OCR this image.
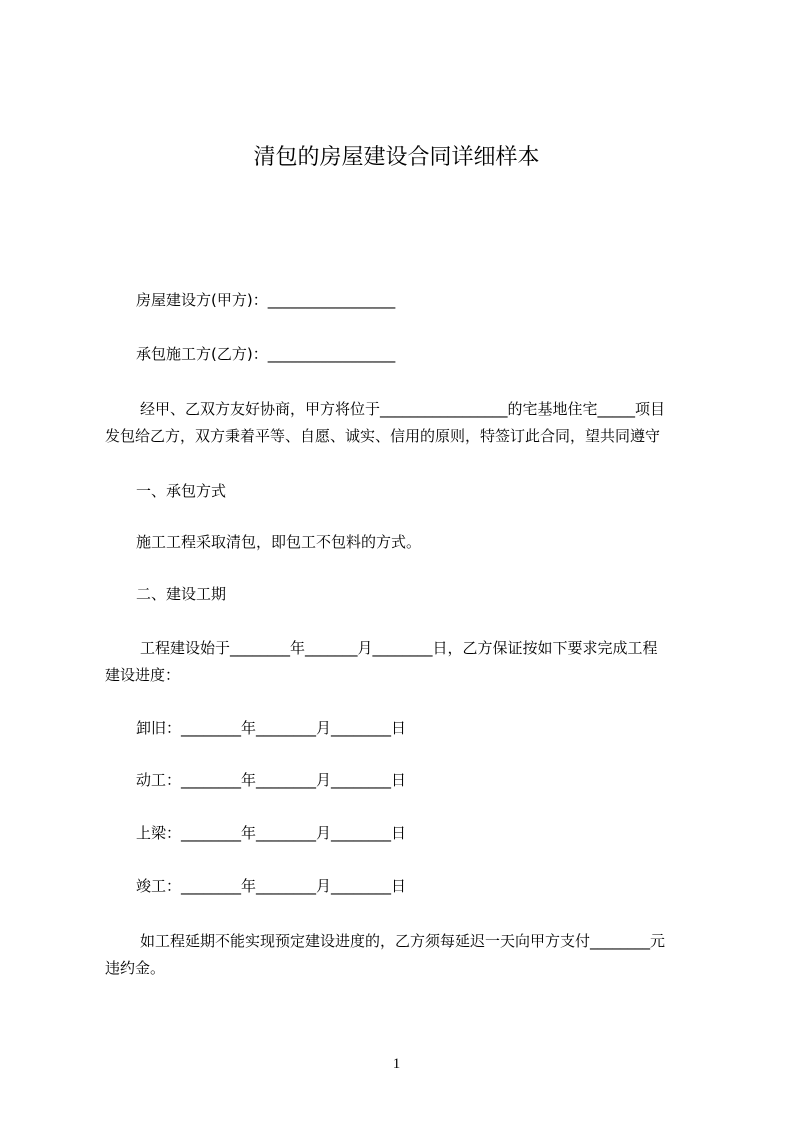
清包的房屋建设合同详细样本
房屋建设方(甲方)：_________________
承包施工方(乙方)：_________________
经甲、乙双方友好协商，甲方将位于_________________的宅基地住宅_____项目
发包给乙方，双方秉着平等、自愿、诚实、信用的原则，特签订此合同，望共同遵守
一、承包方式
施工工程采取清包，即包工不包料的方式。
二、建设工期
工程建设始于________年_______月________日，乙方保证按如下要求完成工程
建设进度：
卸旧：________年________月________日
动工：________年________月________日
上梁：________年________月________日
竣工：________年________月________日
如工程延期不能实现预定建设进度的，乙方须每延迟一天向甲方支付________元
违约金。
1
